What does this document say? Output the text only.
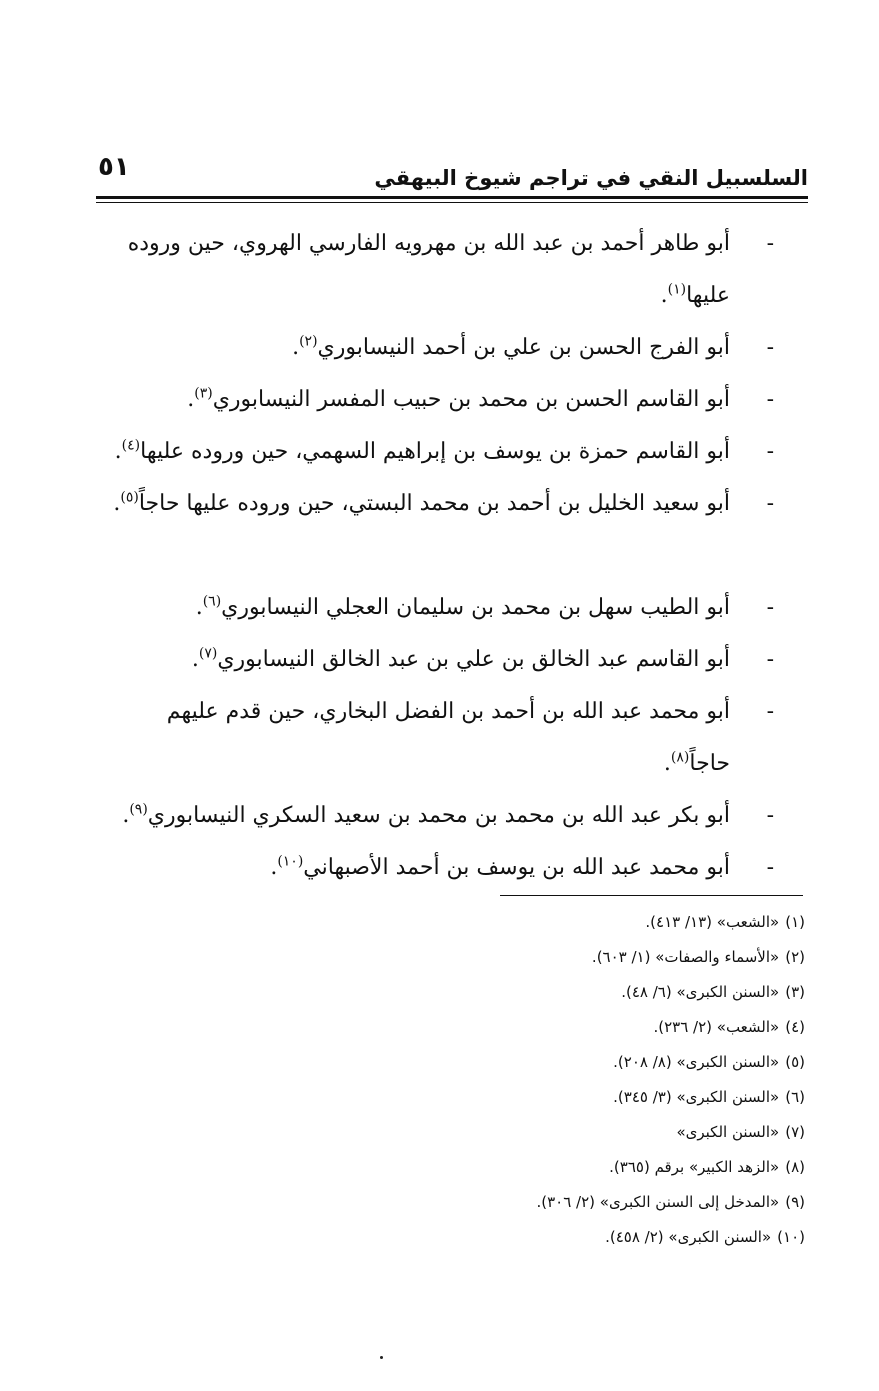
السلسبيل النقي في تراجم شيوخ البيهقي
٥١
-
أبو طاهر أحمد بن عبد الله بن مهرويه الفارسي الهروي، حين وروده عليها$^{(١)}$.
-
أبو الفرج الحسن بن علي بن أحمد النيسابوري$^{(٢)}$.
-
أبو القاسم الحسن بن محمد بن حبيب المفسر النيسابوري$^{(٣)}$.
-
أبو القاسم حمزة بن يوسف بن إبراهيم السهمي، حين وروده عليها$^{(٤)}$.
-
أبو سعيد الخليل بن أحمد بن محمد البستي، حين وروده عليها حاجاً$^{(٥)}$.
-
أبو الطيب سهل بن محمد بن سليمان العجلي النيسابوري$^{(٦)}$.
-
أبو القاسم عبد الخالق بن علي بن عبد الخالق النيسابوري$^{(٧)}$.
-
أبو محمد عبد الله بن أحمد بن الفضل البخاري، حين قدم عليهم حاجاً$^{(٨)}$.
-
أبو بكر عبد الله بن محمد بن محمد بن سعيد السكري النيسابوري$^{(٩)}$.
-
أبو محمد عبد الله بن يوسف بن أحمد الأصبهاني$^{(١٠)}$.
(١)«الشعب» (١٣/ ٤١٣).
(٢)«الأسماء والصفات» (١/ ٦٠٣).
(٣)«السنن الكبرى» (٦/ ٤٨).
(٤)«الشعب» (٢/ ٢٣٦).
(٥)«السنن الكبرى» (٨/ ٢٠٨).
(٦)«السنن الكبرى» (٣/ ٣٤٥).
(٧)«السنن الكبرى»
(٨)«الزهد الكبير» برقم (٣٦٥).
(٩)«المدخل إلى السنن الكبرى» (٢/ ٣٠٦).
(١٠)«السنن الكبرى» (٢/ ٤٥٨).
